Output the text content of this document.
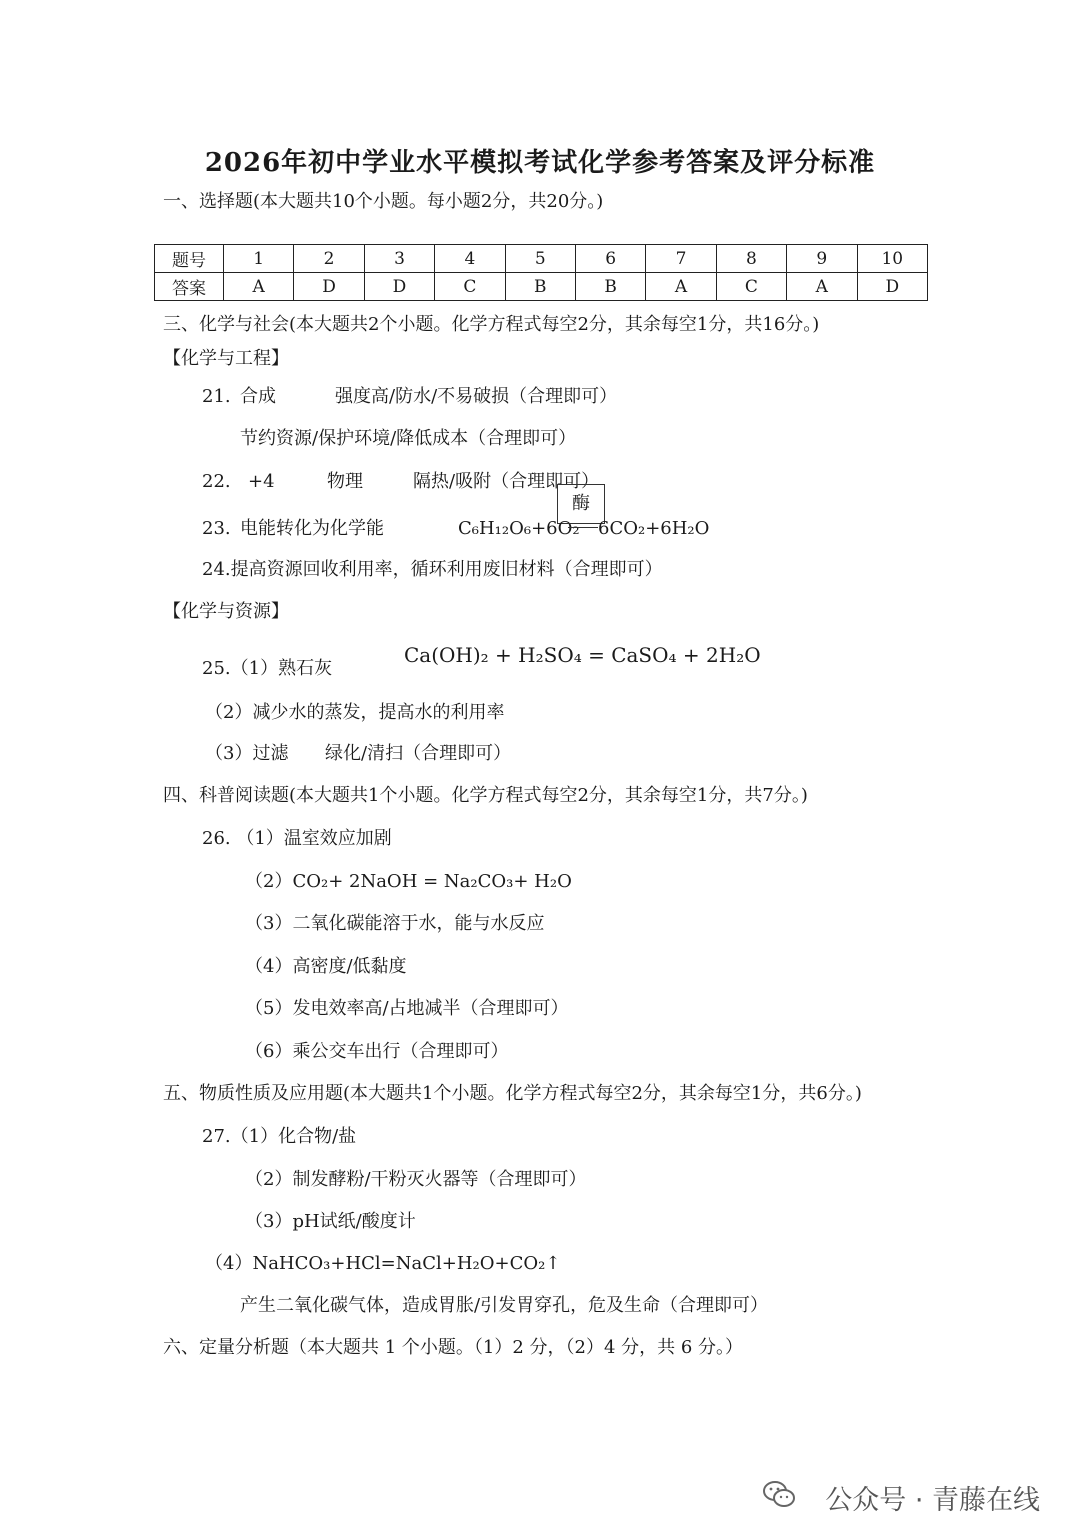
2026年初中学业水平模拟考试化学参考答案及评分标准
一、选择题(本大题共10个小题。每小题2分，共20分。)
题号	1	2	3	4	5	6	7	8	9	10
答案	A	D	D	C	B	B	A	C	A	D
三、化学与社会(本大题共2个小题。化学方程式每空2分，其余每空1分，共16分。)
【化学与工程】
21. 合成	强度高/防水/不易破损（合理即可）
节约资源/保护环境/降低成本（合理即可）
22. +4	物理	隔热/吸附（合理即可）
23. 电能转化为化学能
酶
C₆H₁₂O₆+6O₂ 6CO₂+6H₂O
24.提高资源回收利用率，循环利用废旧材料（合理即可）
【化学与资源】
25.（1）熟石灰
Ca(OH)₂ + H₂SO₄ = CaSO₄ + 2H₂O
（2）减少水的蒸发，提高水的利用率
（3）过滤 绿化/清扫（合理即可）
四、科普阅读题(本大题共1个小题。化学方程式每空2分，其余每空1分，共7分。)
26. （1）温室效应加剧
（2）CO₂+ 2NaOH = Na₂CO₃+ H₂O
（3）二氧化碳能溶于水，能与水反应
（4）高密度/低黏度
（5）发电效率高/占地减半（合理即可）
（6）乘公交车出行（合理即可）
五、物质性质及应用题(本大题共1个小题。化学方程式每空2分，其余每空1分，共6分。)
27.（1）化合物/盐
（2）制发酵粉/干粉灭火器等（合理即可）
（3）pH试纸/酸度计
（4）NaHCO₃+HCl=NaCl+H₂O+CO₂↑
产生二氧化碳气体，造成胃胀/引发胃穿孔，危及生命（合理即可）
六、定量分析题（本大题共 1 个小题。（1）2 分，（2）4 分，共 6 分。）
公众号 · 青藤在线
